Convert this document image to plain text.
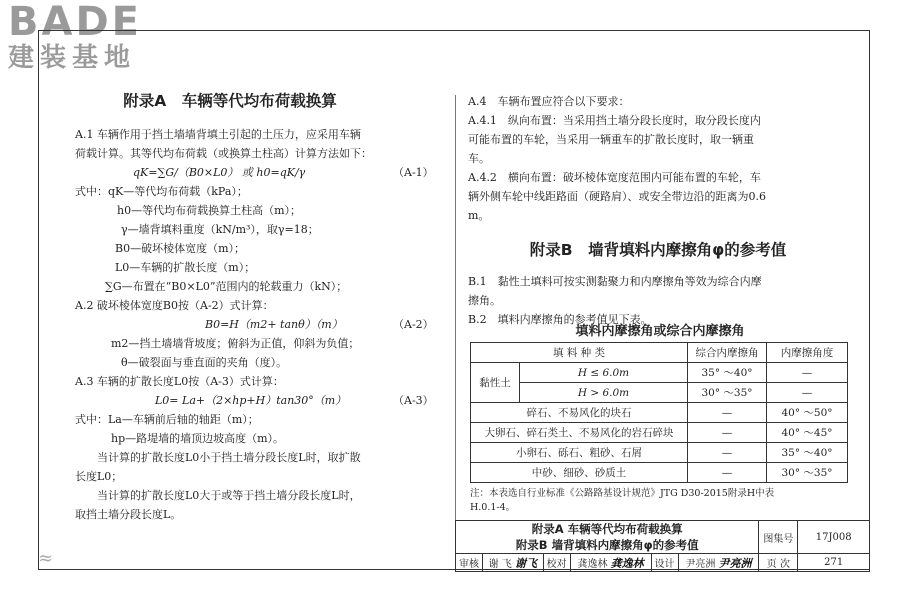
BADE
建装基地

附录A　车辆等代均布荷载换算

A.1 车辆作用于挡土墙墙背填土引起的土压力，应采用车辆

荷载计算。其等代均布荷载（或换算土柱高）计算方法如下：

qK=∑G/（B0×L0） 或 h0=qK/γ	（A-1）

式中：qK—等代均布荷载（kPa）；

h0—等代均布荷载换算土柱高（m）；

γ—墙背填料重度（kN/m³），取γ=18；

B0—破坏棱体宽度（m）；

L0—车辆的扩散长度（m）；

∑G—布置在“B0×L0”范围内的轮载重力（kN）；

A.2 破坏棱体宽度B0按（A-2）式计算：

B0=H（m2+ tanθ）（m）	（A-2）

m2—挡土墙墙背坡度；俯斜为正值，仰斜为负值；

θ—破裂面与垂直面的夹角（度）。

A.3 车辆的扩散长度L0按（A-3）式计算：

L0= La+（2×hp+H）tan30°（m）	（A-3）

式中：La—车辆前后轴的轴距（m）；

hp—路堤墙的墙顶边坡高度（m）。

当计算的扩散长度L0小于挡土墙分段长度L时，取扩散

长度L0；

当计算的扩散长度L0大于或等于挡土墙分段长度L时，

取挡土墙分段长度L。

A.4　车辆布置应符合以下要求：

A.4.1　纵向布置：当采用挡土墙分段长度时，取分段长度内

可能布置的车轮，当采用一辆重车的扩散长度时，取一辆重

车。

A.4.2　横向布置：破坏棱体宽度范围内可能布置的车轮，车

辆外侧车轮中线距路面（硬路肩）、或安全带边沿的距离为0.6

m。

附录B　墙背填料内摩擦角φ的参考值

B.1　黏性土填料可按实测黏聚力和内摩擦角等效为综合内摩

擦角。

B.2　填料内摩擦角的参考值见下表。

填料内摩擦角或综合内摩擦角
填 料 种 类		综合内摩擦角	内摩擦角度
黏性土	H ≤ 6.0m	35° ～40°	—
	H > 6.0m	30° ～35°	—
碎石、不易风化的块石		—	40° ～50°
大卵石、碎石类土、不易风化的岩石碎块		—	40° ～45°
小卵石、砾石、粗砂、石屑		—	35° ～40°
中砂、细砂、砂质土		—	30° ～35°
注：本表选自行业标准《公路路基设计规范》JTG D30-2015附录H中表
H.0.1-4。
附录A 车辆等代均布荷载换算
附录B 墙背填料内摩擦角φ的参考值						图集号	17J008
审核	谢 飞 谢飞	校对	龚逸林 龚逸林	设计	尹亮洲 尹亮洲	页 次	271
≈
